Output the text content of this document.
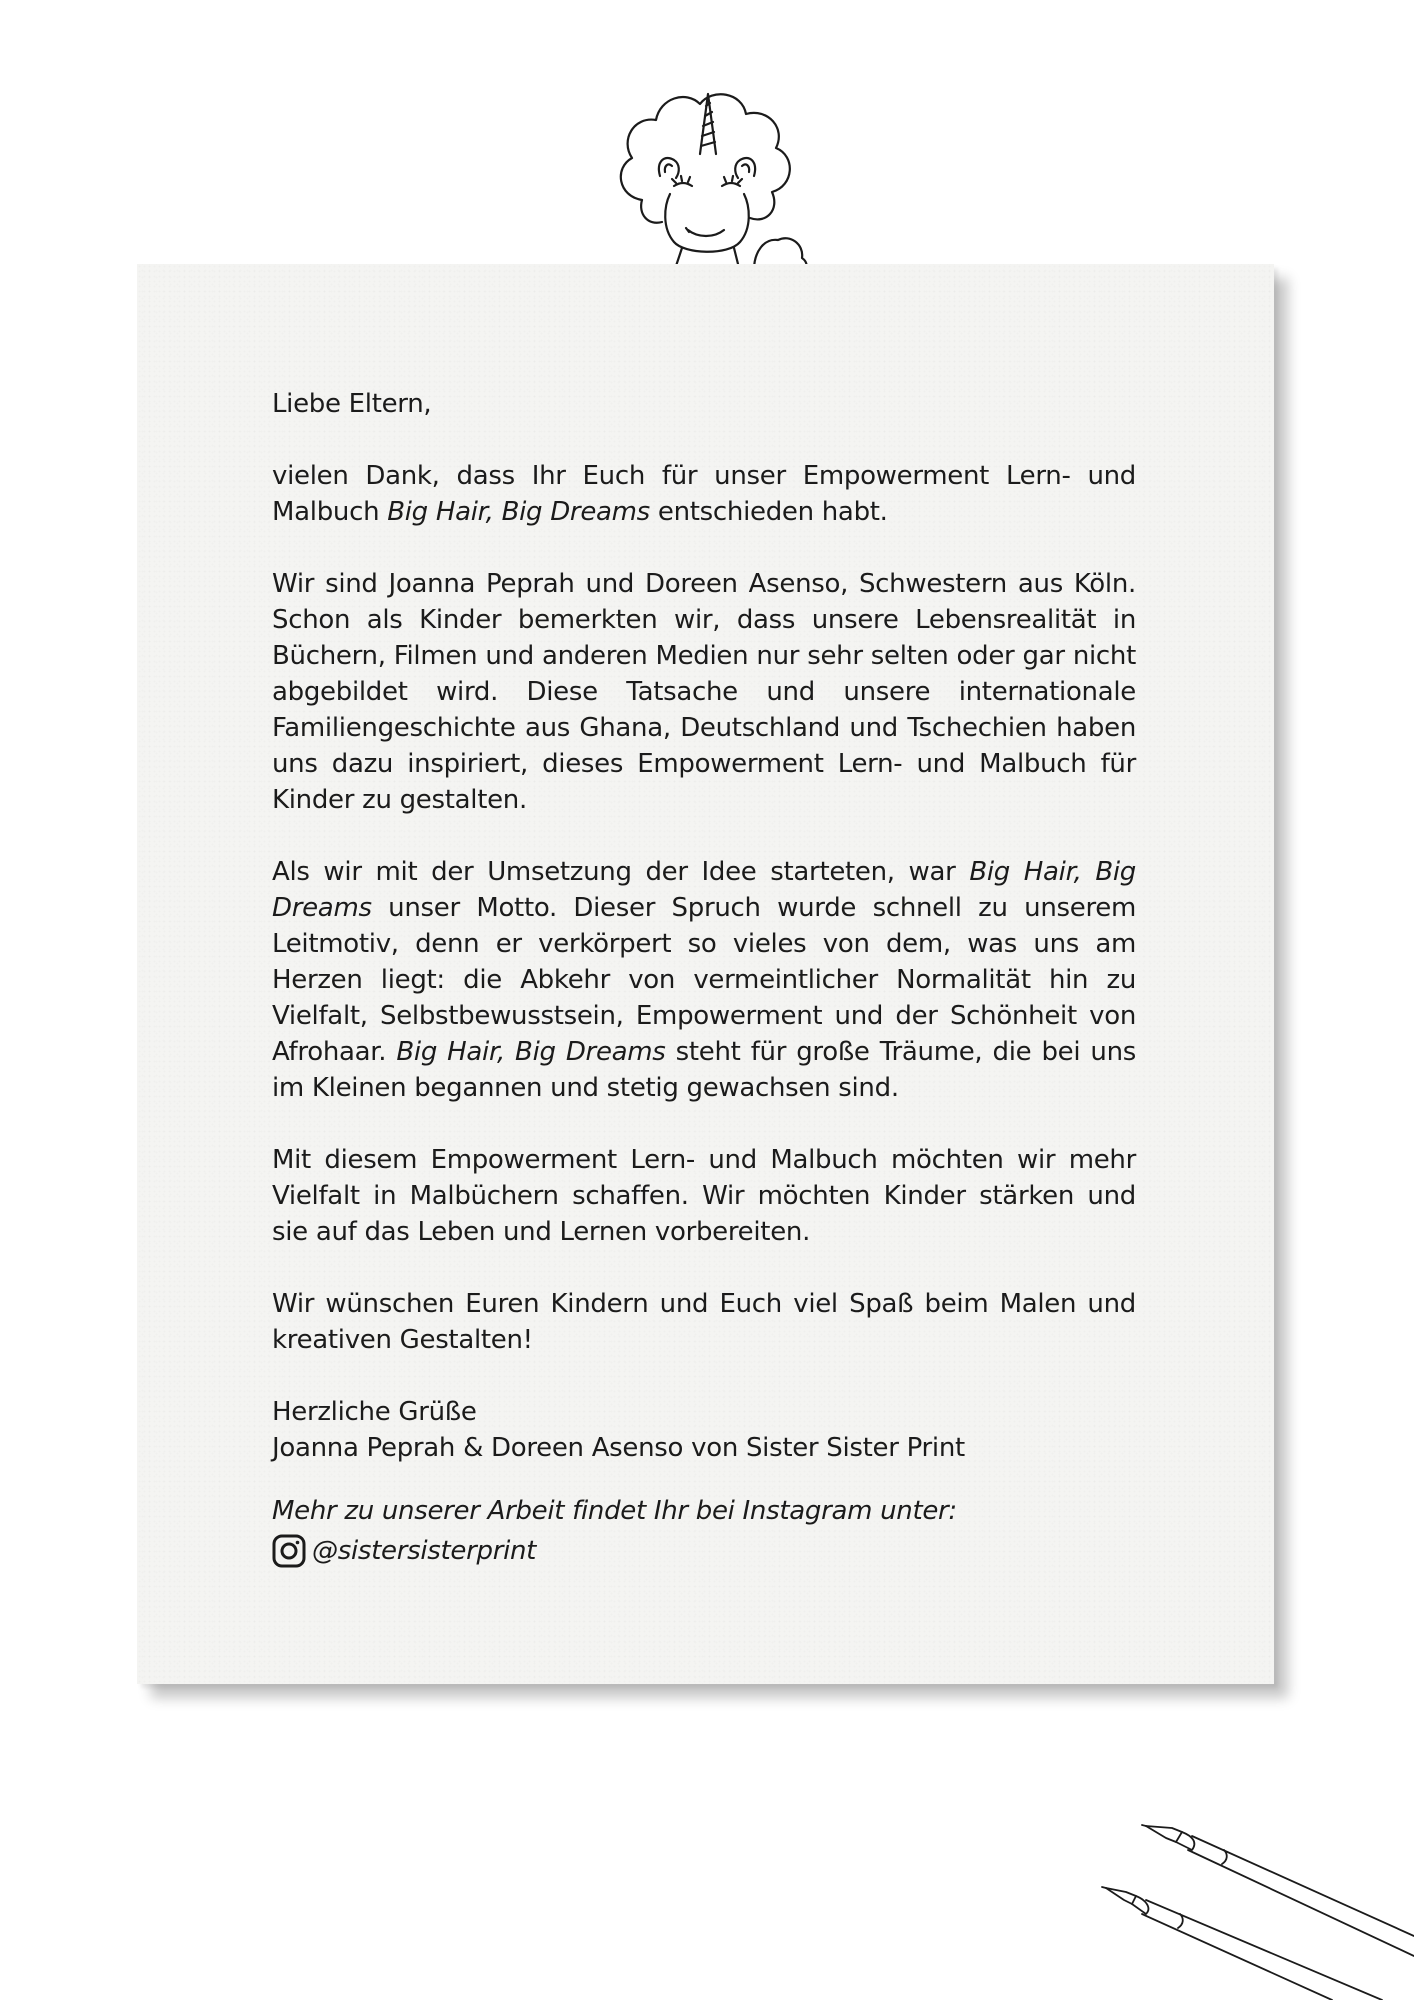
Liebe Eltern,

vielen Dank, dass Ihr Euch für unser Empowerment Lern- und Malbuch Big Hair, Big Dreams entschieden habt.

Wir sind Joanna Peprah und Doreen Asenso, Schwestern aus Köln. Schon als Kinder bemerkten wir, dass unsere Lebensrealität in Büchern, Filmen und anderen Medien nur sehr selten oder gar nicht abgebildet wird. Diese Tatsache und unsere internationale Familiengeschichte aus Ghana, Deutschland und Tschechien haben uns dazu inspiriert, dieses Empowerment Lern- und Malbuch für Kinder zu gestalten.

Als wir mit der Umsetzung der Idee starteten, war Big Hair, Big Dreams unser Motto. Dieser Spruch wurde schnell zu unserem Leitmotiv, denn er verkörpert so vieles von dem, was uns am Herzen liegt: die Abkehr von vermeintlicher Normalität hin zu Vielfalt, Selbstbewusstsein, Empowerment und der Schönheit von Afrohaar. Big Hair, Big Dreams steht für große Träume, die bei uns im Kleinen begannen und stetig gewachsen sind.

Mit diesem Empowerment Lern- und Malbuch möchten wir mehr Vielfalt in Malbüchern schaffen. Wir möchten Kinder stärken und sie auf das Leben und Lernen vorbereiten.

Wir wünschen Euren Kindern und Euch viel Spaß beim Malen und kreativen Gestalten!

Herzliche Grüße
Joanna Peprah & Doreen Asenso von Sister Sister Print

Mehr zu unserer Arbeit findet Ihr bei Instagram unter:
@sistersisterprint
